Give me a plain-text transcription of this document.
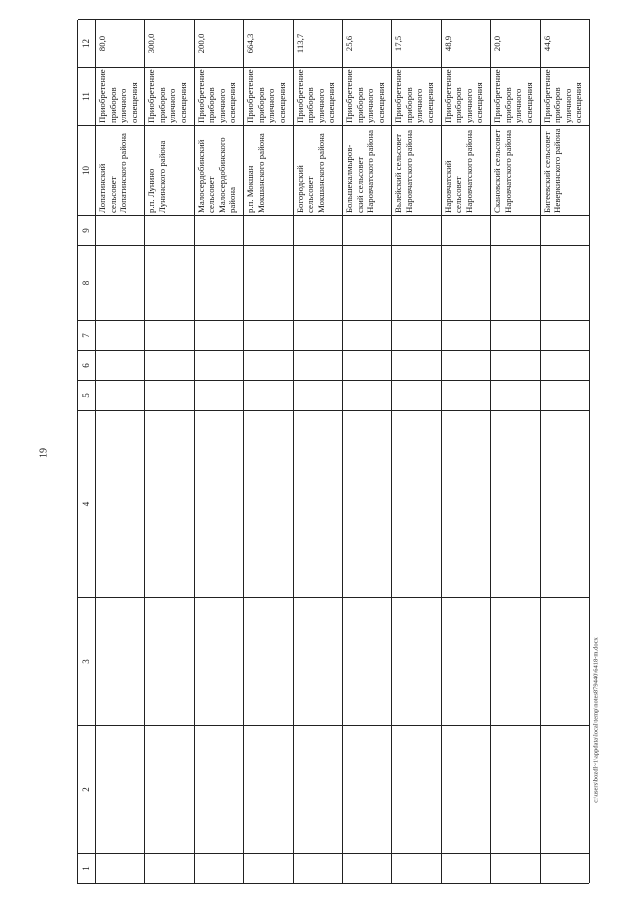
19
c:\users\bozdl~1\appdata\local\temp\notes879440\6418-m.docx
1
2
3
4
5
6
7
8
9
10
11
12
Лопатинский сельсовет Лопатинского района
Приобретение приборов уличного освещения
80,0
р.п. Лунино Лунинского района
Приобретение приборов уличного освещения
300,0
Малосердобинский сельсовет Малосердобинского района
Приобретение приборов уличного освещения
200,0
р.п. Мокшан Мокшанского района
Приобретение приборов уличного освещения
664,3
Богородский сельсовет Мокшанского района
Приобретение приборов уличного освещения
113,7
Большекалмыров-ский сельсовет Наровчатского района
Приобретение приборов уличного освещения
25,6
Вьлейский сельсовет Наровчатского района
Приобретение приборов уличного освещения
17,5
Наровчатский сельсовет Наровчатского района
Приобретение приборов уличного освещения
48,9
Скановский сельсовет Наровчатского района
Приобретение приборов уличного освещения
20,0
Бигеевский сельсовет Неверкинского района
Приобретение приборов уличного освещения
44,6
